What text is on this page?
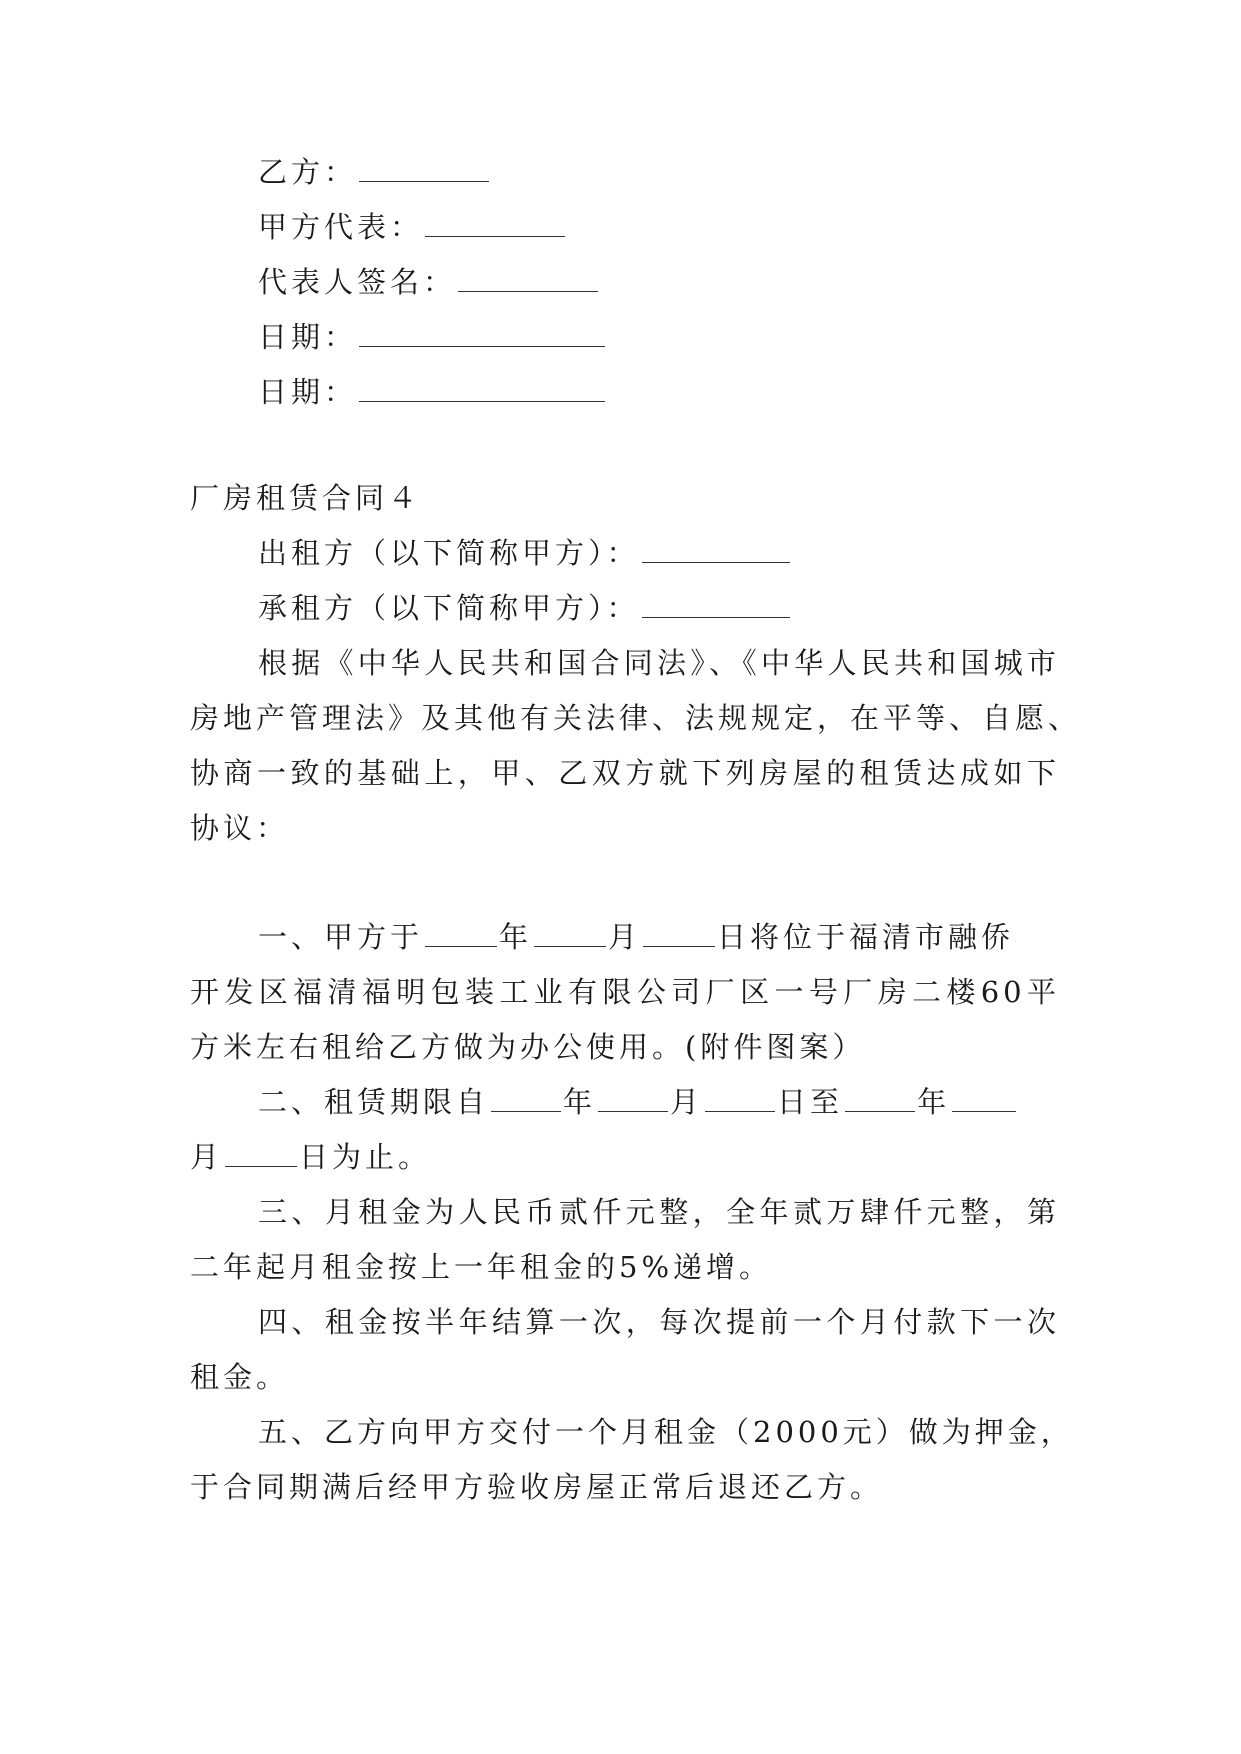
乙方：
甲方代表：
代表人签名：
日期：
日期：
厂房租赁合同４
出租方（以下简称甲方）：
承租方（以下简称甲方）：
根据《中华人民共和国合同法》、《中华人民共和国城市
房地产管理法》及其他有关法律、法规规定，在平等、自愿、
协商一致的基础上，甲、乙双方就下列房屋的租赁达成如下
协议：
一、甲方于	年	月	日将位于福清市融侨
开发区福清福明包装工业有限公司厂区一号厂房二楼60平
方米左右租给乙方做为办公使用。(附件图案）
二、租赁期限自	年	月	日至	年
月	日为止。
三、月租金为人民币贰仟元整，全年贰万肆仟元整，第
二年起月租金按上一年租金的5%递增。
四、租金按半年结算一次，每次提前一个月付款下一次
租金。
五、乙方向甲方交付一个月租金（2000元）做为押金，
于合同期满后经甲方验收房屋正常后退还乙方。
